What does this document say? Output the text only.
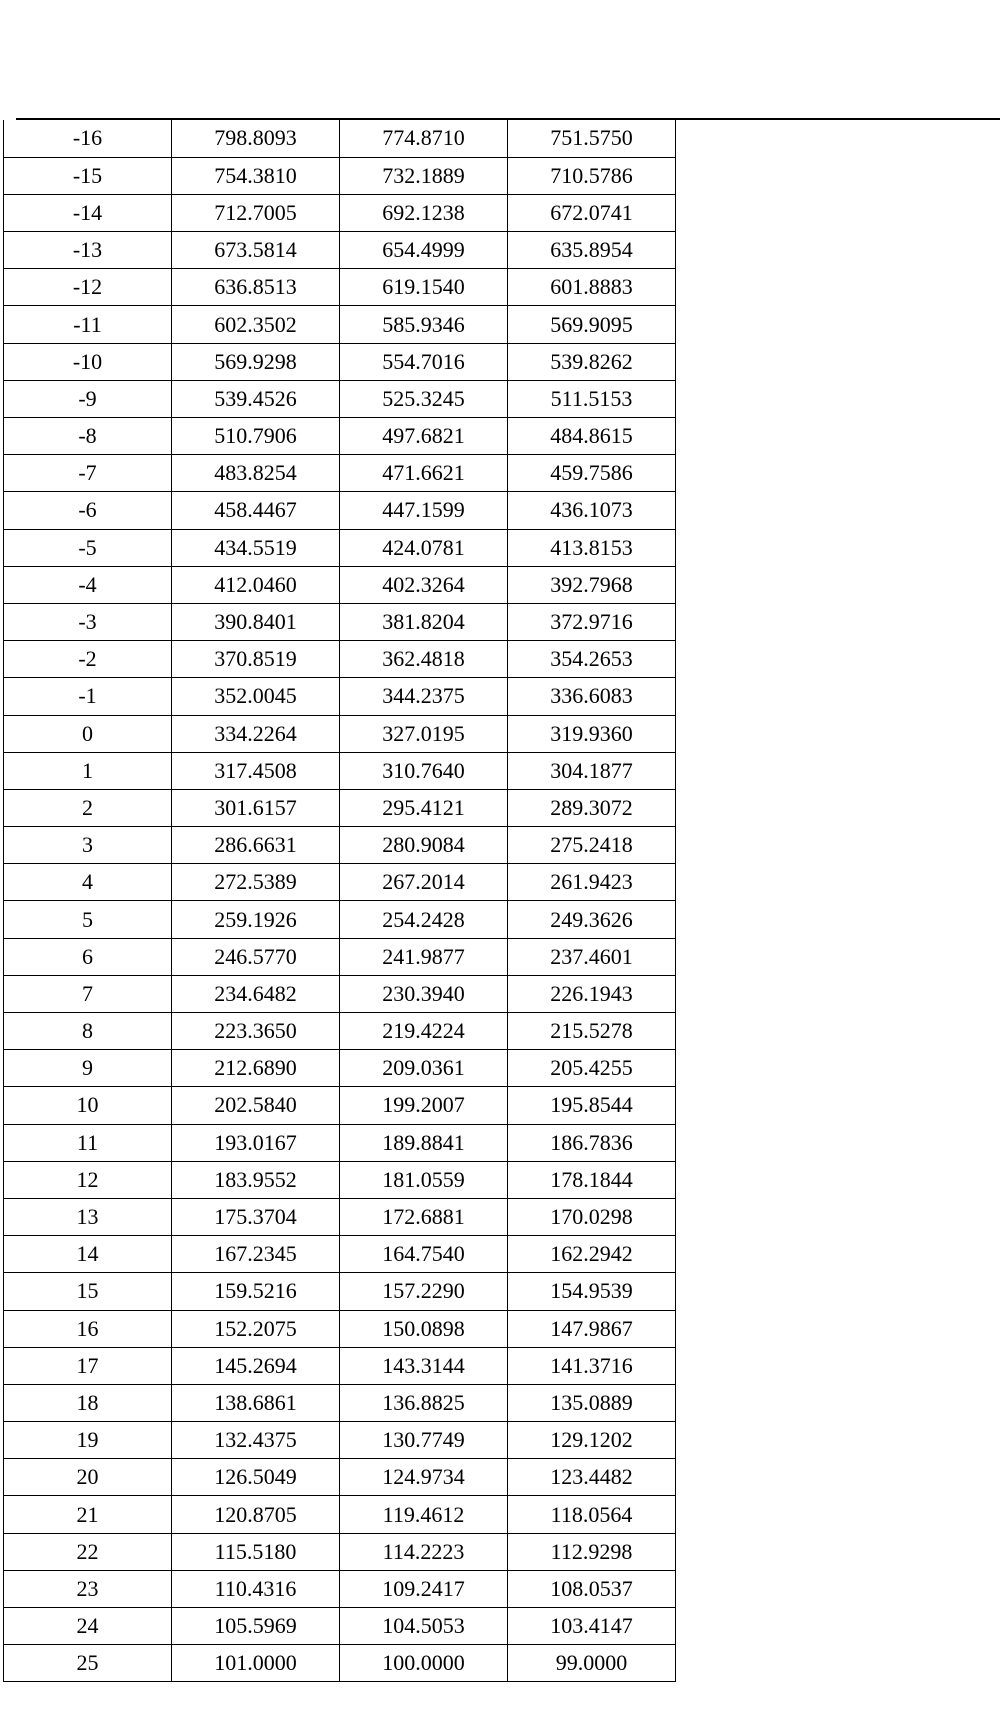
-16	798.8093	774.8710	751.5750
-15	754.3810	732.1889	710.5786
-14	712.7005	692.1238	672.0741
-13	673.5814	654.4999	635.8954
-12	636.8513	619.1540	601.8883
-11	602.3502	585.9346	569.9095
-10	569.9298	554.7016	539.8262
-9	539.4526	525.3245	511.5153
-8	510.7906	497.6821	484.8615
-7	483.8254	471.6621	459.7586
-6	458.4467	447.1599	436.1073
-5	434.5519	424.0781	413.8153
-4	412.0460	402.3264	392.7968
-3	390.8401	381.8204	372.9716
-2	370.8519	362.4818	354.2653
-1	352.0045	344.2375	336.6083
0	334.2264	327.0195	319.9360
1	317.4508	310.7640	304.1877
2	301.6157	295.4121	289.3072
3	286.6631	280.9084	275.2418
4	272.5389	267.2014	261.9423
5	259.1926	254.2428	249.3626
6	246.5770	241.9877	237.4601
7	234.6482	230.3940	226.1943
8	223.3650	219.4224	215.5278
9	212.6890	209.0361	205.4255
10	202.5840	199.2007	195.8544
11	193.0167	189.8841	186.7836
12	183.9552	181.0559	178.1844
13	175.3704	172.6881	170.0298
14	167.2345	164.7540	162.2942
15	159.5216	157.2290	154.9539
16	152.2075	150.0898	147.9867
17	145.2694	143.3144	141.3716
18	138.6861	136.8825	135.0889
19	132.4375	130.7749	129.1202
20	126.5049	124.9734	123.4482
21	120.8705	119.4612	118.0564
22	115.5180	114.2223	112.9298
23	110.4316	109.2417	108.0537
24	105.5969	104.5053	103.4147
25	101.0000	100.0000	99.0000
